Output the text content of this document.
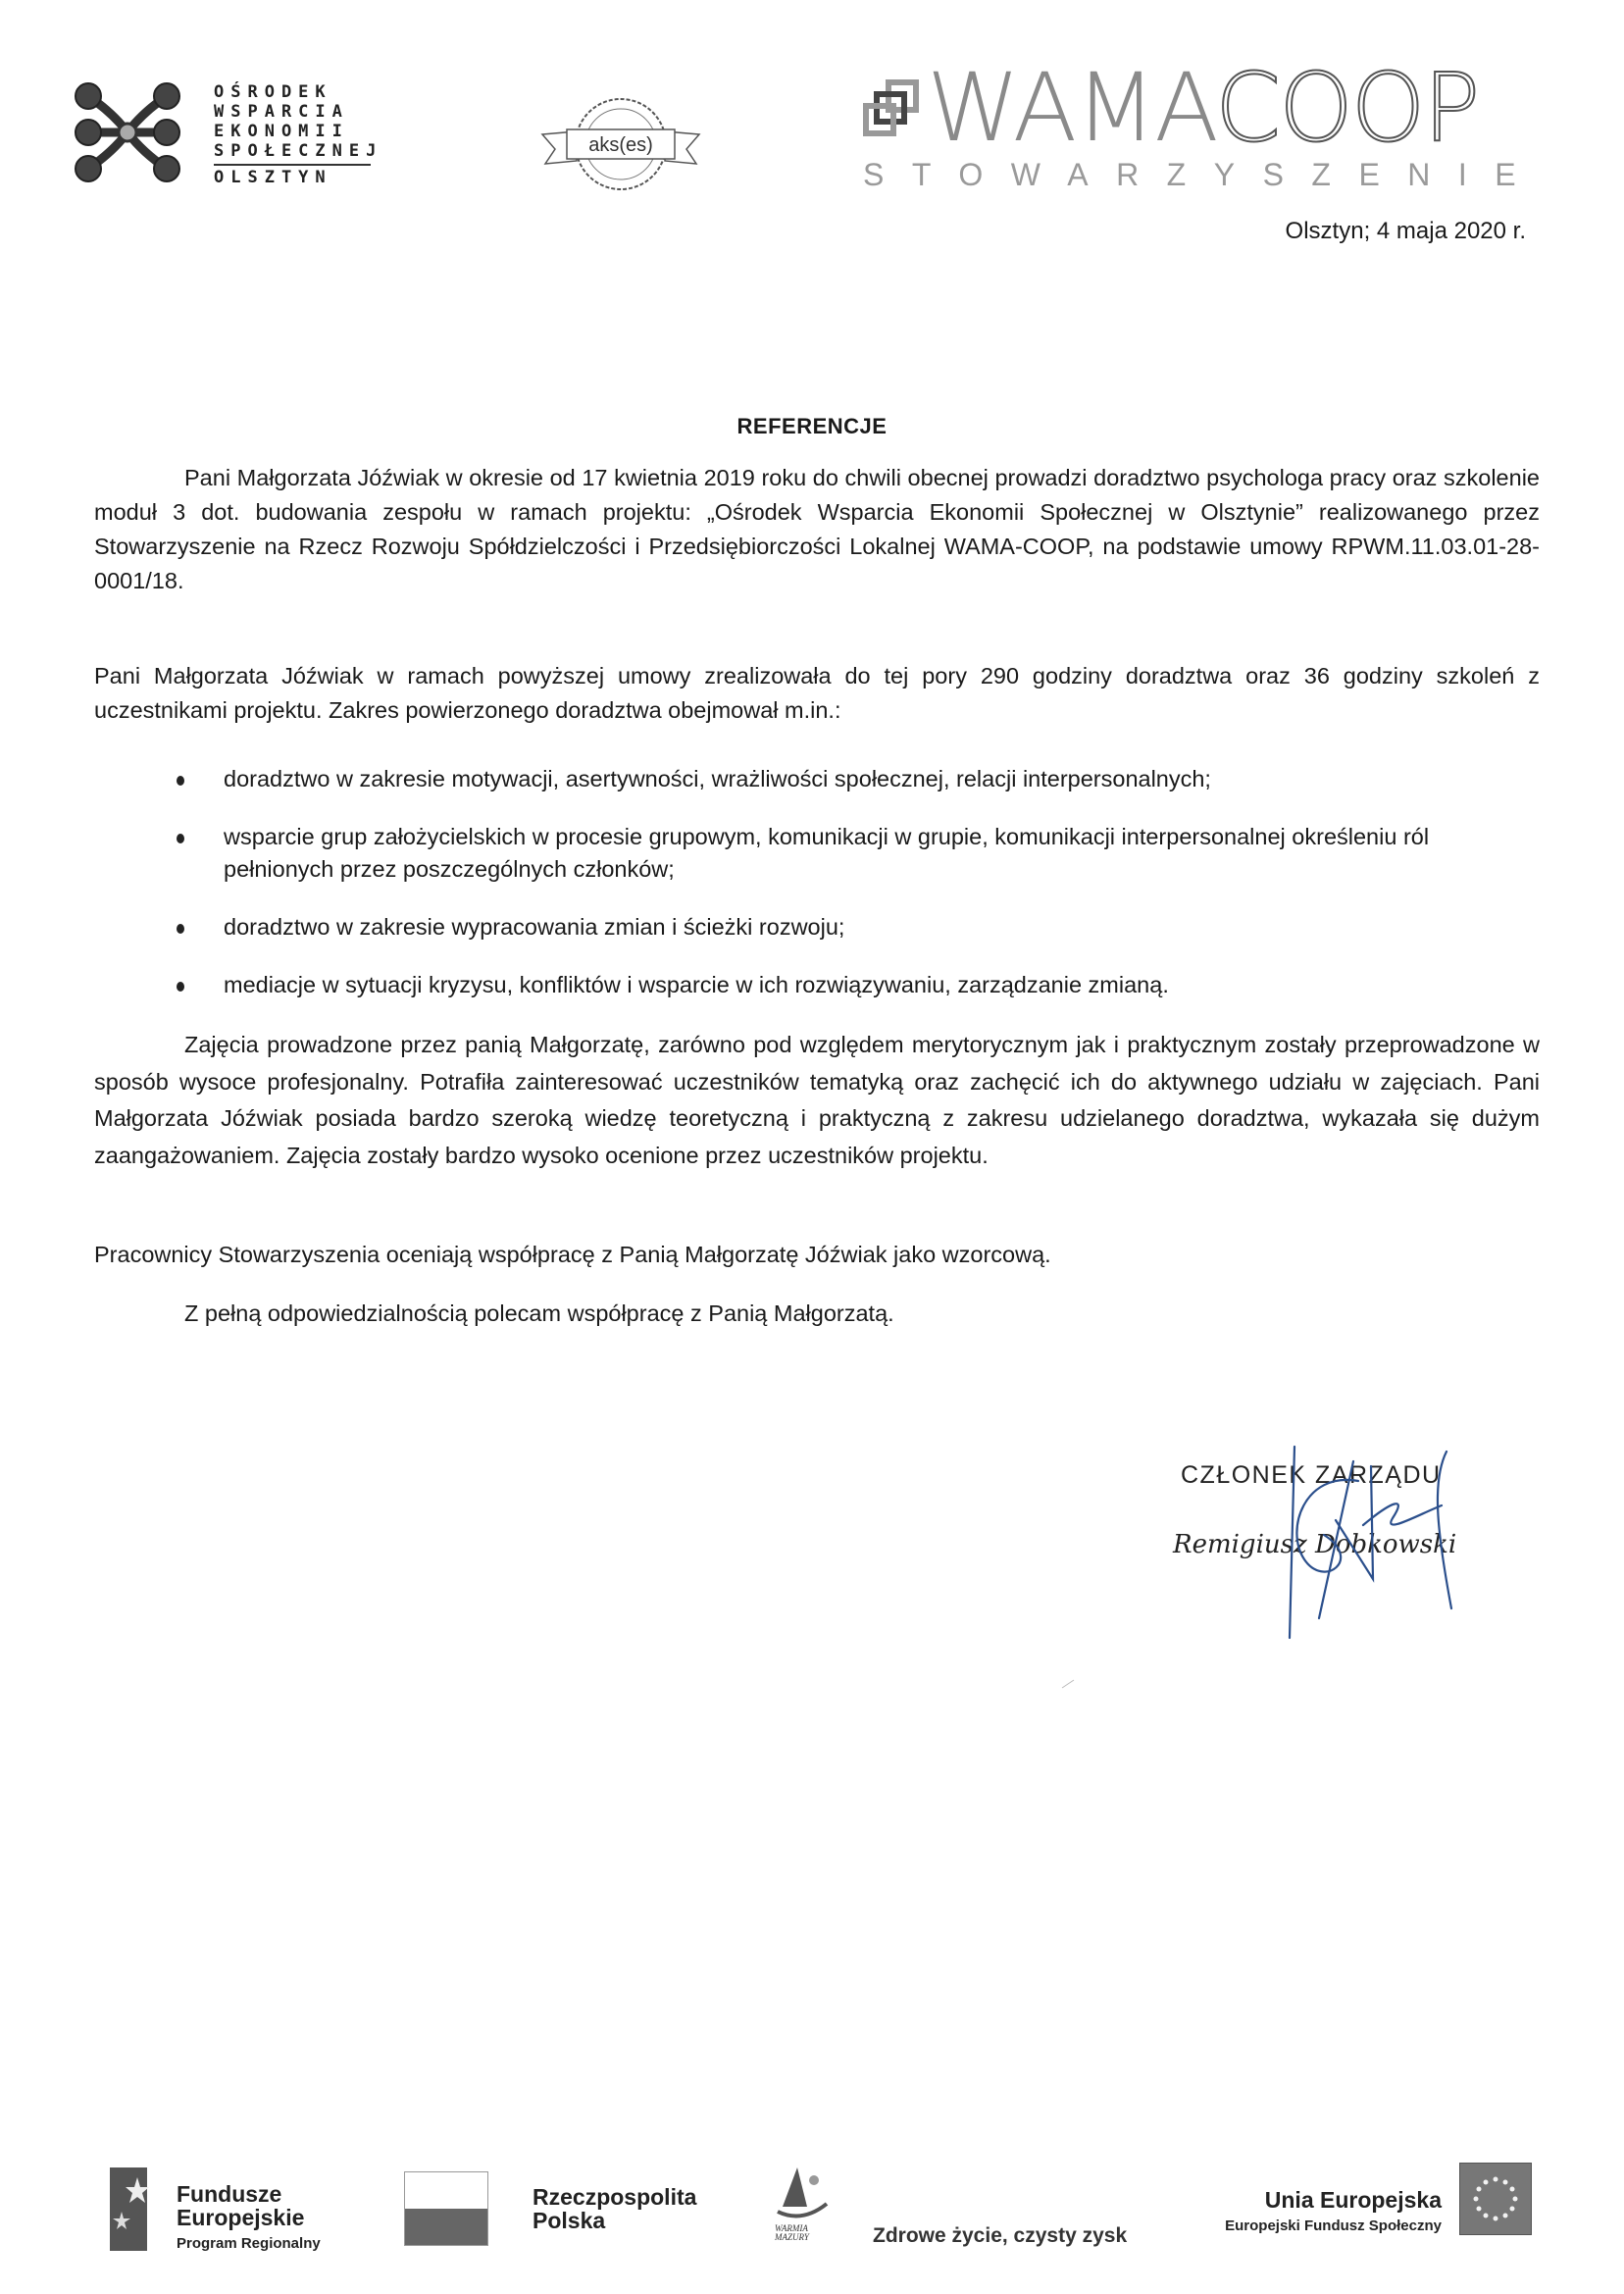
OŚRODEK
WSPARCIA
EKONOMII
SPOŁECZNEJ
OLSZTYN
aks(es)	WAMACOOP
STOWARZYSZENIE
Olsztyn; 4 maja 2020 r.
REFERENCJE
Pani Małgorzata Jóźwiak w okresie od 17 kwietnia 2019 roku do chwili obecnej prowadzi doradztwo psychologa pracy oraz szkolenie moduł 3 dot. budowania zespołu w ramach projektu: „Ośrodek Wsparcia Ekonomii Społecznej w Olsztynie” realizowanego przez Stowarzyszenie na Rzecz Rozwoju Spółdzielczości i Przedsiębiorczości Lokalnej WAMA-COOP, na podstawie umowy RPWM.11.03.01-28-0001/18.
Pani Małgorzata Jóźwiak w ramach powyższej umowy zrealizowała do tej pory 290 godziny doradztwa oraz 36 godziny szkoleń z uczestnikami projektu. Zakres powierzonego doradztwa obejmował m.in.:
doradztwo w zakresie motywacji, asertywności, wrażliwości społecznej, relacji interpersonalnych;
wsparcie grup założycielskich w procesie grupowym, komunikacji w grupie, komunikacji interpersonalnej określeniu ról pełnionych przez poszczególnych członków;
doradztwo w zakresie wypracowania zmian i ścieżki rozwoju;
mediacje w sytuacji kryzysu, konfliktów i wsparcie w ich rozwiązywaniu, zarządzanie zmianą.
Zajęcia prowadzone przez panią Małgorzatę, zarówno pod względem merytorycznym jak i praktycznym zostały przeprowadzone w sposób wysoce profesjonalny. Potrafiła zainteresować uczestników tematyką oraz zachęcić ich do aktywnego udziału w zajęciach. Pani Małgorzata Jóźwiak posiada bardzo szeroką wiedzę teoretyczną i praktyczną z zakresu udzielanego doradztwa, wykazała się dużym zaangażowaniem. Zajęcia zostały bardzo wysoko ocenione przez uczestników projektu.
Pracownicy Stowarzyszenia oceniają współpracę z Panią Małgorzatę Jóźwiak jako wzorcową.
Z pełną odpowiedzialnością polecam współpracę z Panią Małgorzatą.
CZŁONEK ZARZĄDU
Remigiusz Dobkowski
Fundusze
Europejskie
Program Regionalny
Rzeczpospolita
Polska	WARMIA
MAZURY	Zdrowe życie, czysty zysk
Unia Europejska
Europejski Fundusz Społeczny
